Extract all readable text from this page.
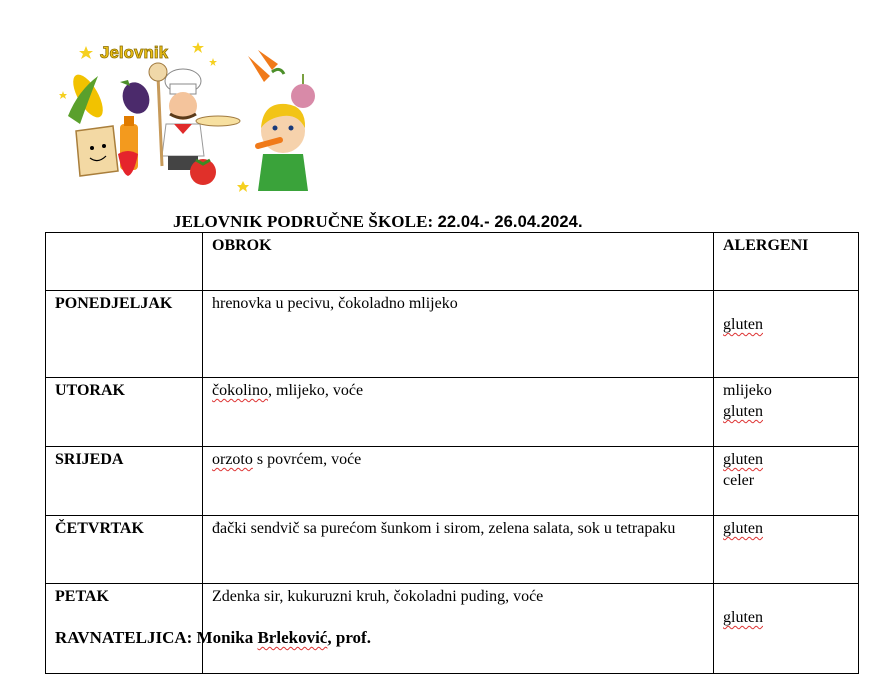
Jelovnik
JELOVNIK PODRUČNE ŠKOLE: 22.04.- 26.04.2024.
	OBROK	ALERGENI
PONEDJELJAK	hrenovka u pecivu, čokoladno mlijeko	gluten

UTORAK	čokolino, mlijeko, voće	mlijeko
gluten

SRIJEDA	orzoto s povrćem, voće	gluten
celer

ČETVRTAK	đački sendvič sa purećom šunkom i sirom, zelena salata, sok u tetrapaku	gluten

PETAK	Zdenka sir, kukuruzni kruh, čokoladni puding, voće	gluten
RAVNATELJICA: Monika Brleković, prof.
